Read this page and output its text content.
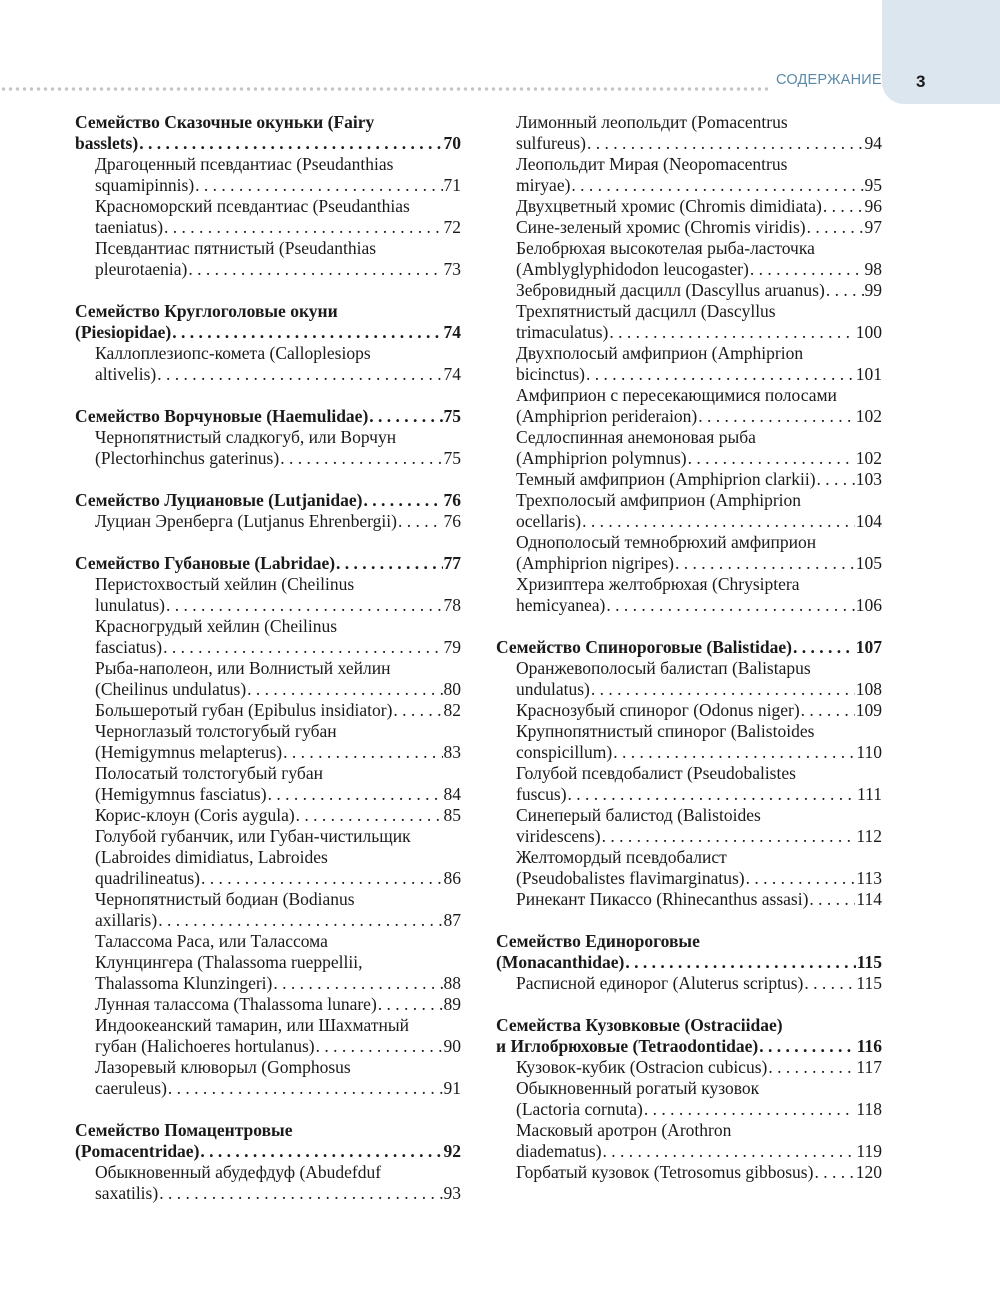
СОДЕРЖАНИЕ 3
Семейство Сказочные окуньки (Fairy
basslets) . . .	70
Драгоценный псевдантиас (Pseudanthias
squamipinnis) . . .	71
Красноморский псевдантиас (Pseudanthias
taeniatus) . . .	72
Псевдантиас пятнистый (Pseudanthias
pleurotaenia) . . .	73
Семейство Круглоголовые окуни
(Piesiopidae) . . .	74
Каллоплезиопс-комета (Calloplesiops
altivelis) . . .	74
Семейство Ворчуновые (Haemulidae) . . .	75
Чернопятнистый сладкогуб, или Ворчун
(Plectorhinchus gaterinus) . . .	75
Семейство Луциановые (Lutjanidae) . . .	76
Луциан Эренберга (Lutjanus Ehrenbergii) . . .	76
Семейство Губановые (Labridae) . . .	77
Перистохвостый хейлин (Cheilinus
lunulatus) . . .	78
Красногрудый хейлин (Cheilinus
fasciatus) . . .	79
Рыба-наполеон, или Волнистый хейлин
(Cheilinus undulatus) . . .	80
Большеротый губан (Epibulus insidiator) . . .	82
Черноглазый толстогубый губан
(Hemigymnus melapterus) . . .	83
Полосатый толстогубый губан
(Hemigymnus fasciatus) . . .	84
Корис-клоун (Coris aygula) . . .	85
Голубой губанчик, или Губан-чистильщик
(Labroides dimidiatus, Labroides
quadrilineatus) . . .	86
Чернопятнистый бодиан (Bodianus
axillaris) . . .	87
Талассома Раса, или Талассома
Клунцингера (Thalassoma rueppellii,
Thalassoma Klunzingeri) . . .	88
Лунная талассома (Thalassoma lunare) . . .	89
Индоокеанский тамарин, или Шахматный
губан (Halichoeres hortulanus) . . .	90
Лазоревый клюворыл (Gomphosus
caeruleus) . . .	91
Семейство Помацентровые
(Pomacentridae) . . .	92
Обыкновенный абудефдуф (Abudefduf
saxatilis) . . .	93
Лимонный леопольдит (Pomacentrus
sulfureus) . . .	94
Леопольдит Мирая (Neopomacentrus
miryae) . . .	95
Двухцветный хромис (Chromis dimidiata) . . . 96
Сине-зеленый хромис (Chromis viridis) . . .	97
Белобрюхая высокотелая рыба-ласточка
(Amblyglyphidodon leucogaster) . . .	98
Зебровидный дасцилл (Dascyllus aruanus) . . . 99
Трехпятнистый дасцилл (Dascyllus
trimaculatus) . . .	100
Двухполосый амфиприон (Amphiprion
bicinctus) . . .	101
Амфиприон с пересекающимися полосами
(Amphiprion perideraion) . . .	102
Седлоспинная анемоновая рыба
(Amphiprion polymnus) . . .	102
Темный амфиприон (Amphiprion clarkii) . . . 103
Трехполосый амфиприон (Amphiprion
ocellaris) . . .	104
Однополосый темнобрюхий амфиприон
(Amphiprion nigripes) . . .	105
Хризиптера желтобрюхая (Chrysiptera
hemicyanea) . . .	106
Семейство Спинороговые (Balistidae) . . .	107
Оранжевополосый балистап (Balistapus
undulatus) . . .	108
Краснозубый спинорог (Odonus niger) . . .	109
Крупнопятнистый спинорог (Balistoides
conspicillum) . . .	110
Голубой псевдобалист (Pseudobalistes
fuscus) . . .	111
Синеперый балистод (Balistoides
viridescens) . . .	112
Желтомордый псевдобалист
(Pseudobalistes flavimarginatus) . . .	113
Ринекант Пикассо (Rhinecanthus assasi) . . .	114
Семейство Единороговые
(Monacanthidae) . . .	115
Расписной единорог (Aluterus scriptus) . . .	115
Семейства Кузовковые (Ostraciidae)
и Иглобрюховые (Tetraodontidae) . . .	116
Кузовок-кубик (Ostracion cubicus) . . .	117
Обыкновенный рогатый кузовок
(Lactoria cornuta) . . .	118
Масковый аротрон (Arothron
diadematus) . . .	119
Горбатый кузовок (Tetrosomus gibbosus) . . . 120
